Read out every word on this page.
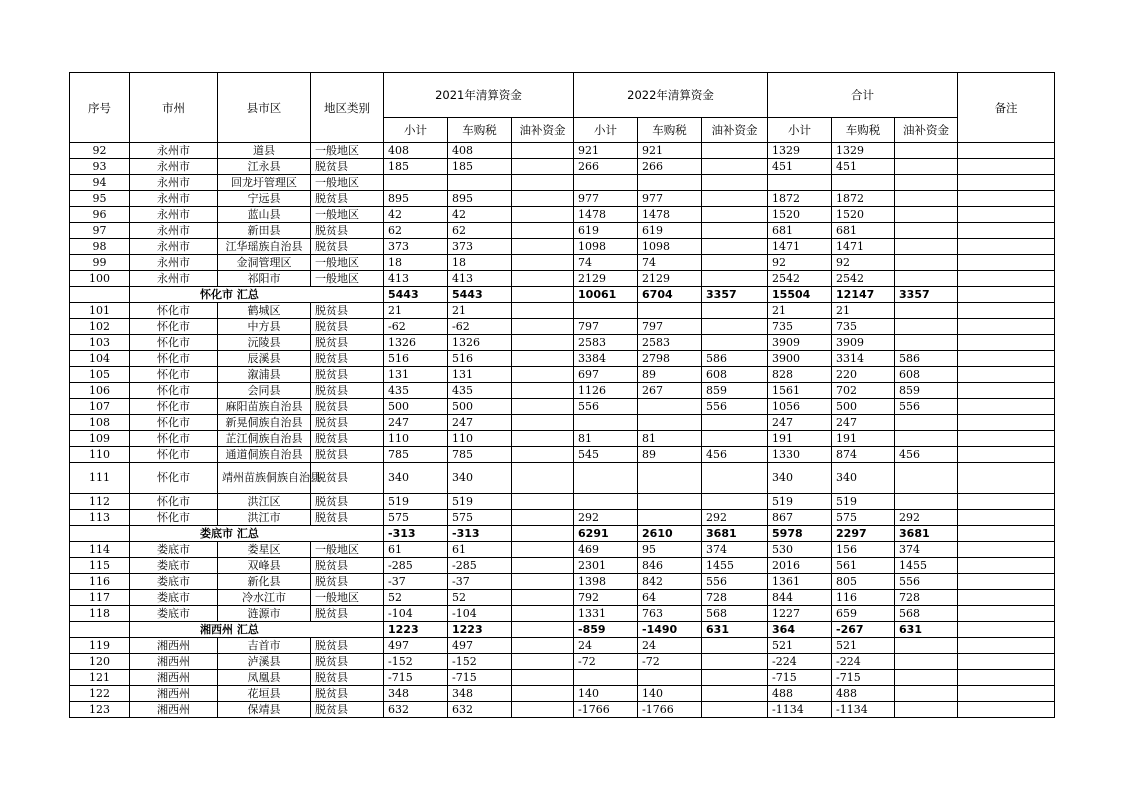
序号	市州	县市区	地区类别	2021年清算资金			2022年清算资金			合计			备注
				小计	车购税	油补资金	小计	车购税	油补资金	小计	车购税	油补资金	
92	永州市	道县	一般地区	408	408		921	921		1329	1329		
93	永州市	江永县	脱贫县	185	185		266	266		451	451		
94	永州市	回龙圩管理区	一般地区										
95	永州市	宁远县	脱贫县	895	895		977	977		1872	1872		
96	永州市	蓝山县	一般地区	42	42		1478	1478		1520	1520		
97	永州市	新田县	脱贫县	62	62		619	619		681	681		
98	永州市	江华瑶族自治县	脱贫县	373	373		1098	1098		1471	1471		
99	永州市	金洞管理区	一般地区	18	18		74	74		92	92		
100	永州市	祁阳市	一般地区	413	413		2129	2129		2542	2542		
	怀化市 汇总			5443	5443		10061	6704	3357	15504	12147	3357	
101	怀化市	鹤城区	脱贫县	21	21					21	21		
102	怀化市	中方县	脱贫县	-62	-62		797	797		735	735		
103	怀化市	沅陵县	脱贫县	1326	1326		2583	2583		3909	3909		
104	怀化市	辰溪县	脱贫县	516	516		3384	2798	586	3900	3314	586	
105	怀化市	溆浦县	脱贫县	131	131		697	89	608	828	220	608	
106	怀化市	会同县	脱贫县	435	435		1126	267	859	1561	702	859	
107	怀化市	麻阳苗族自治县	脱贫县	500	500		556		556	1056	500	556	
108	怀化市	新晃侗族自治县	脱贫县	247	247					247	247		
109	怀化市	芷江侗族自治县	脱贫县	110	110		81	81		191	191		
110	怀化市	通道侗族自治县	脱贫县	785	785		545	89	456	1330	874	456	
111	怀化市	靖州苗族侗族自治县	脱贫县	340	340					340	340		
112	怀化市	洪江区	脱贫县	519	519					519	519		
113	怀化市	洪江市	脱贫县	575	575		292		292	867	575	292	
	娄底市 汇总			-313	-313		6291	2610	3681	5978	2297	3681	
114	娄底市	娄星区	一般地区	61	61		469	95	374	530	156	374	
115	娄底市	双峰县	脱贫县	-285	-285		2301	846	1455	2016	561	1455	
116	娄底市	新化县	脱贫县	-37	-37		1398	842	556	1361	805	556	
117	娄底市	冷水江市	一般地区	52	52		792	64	728	844	116	728	
118	娄底市	涟源市	脱贫县	-104	-104		1331	763	568	1227	659	568	
	湘西州 汇总			1223	1223		-859	-1490	631	364	-267	631	
119	湘西州	吉首市	脱贫县	497	497		24	24		521	521		
120	湘西州	泸溪县	脱贫县	-152	-152		-72	-72		-224	-224		
121	湘西州	凤凰县	脱贫县	-715	-715					-715	-715		
122	湘西州	花垣县	脱贫县	348	348		140	140		488	488		
123	湘西州	保靖县	脱贫县	632	632		-1766	-1766		-1134	-1134		
